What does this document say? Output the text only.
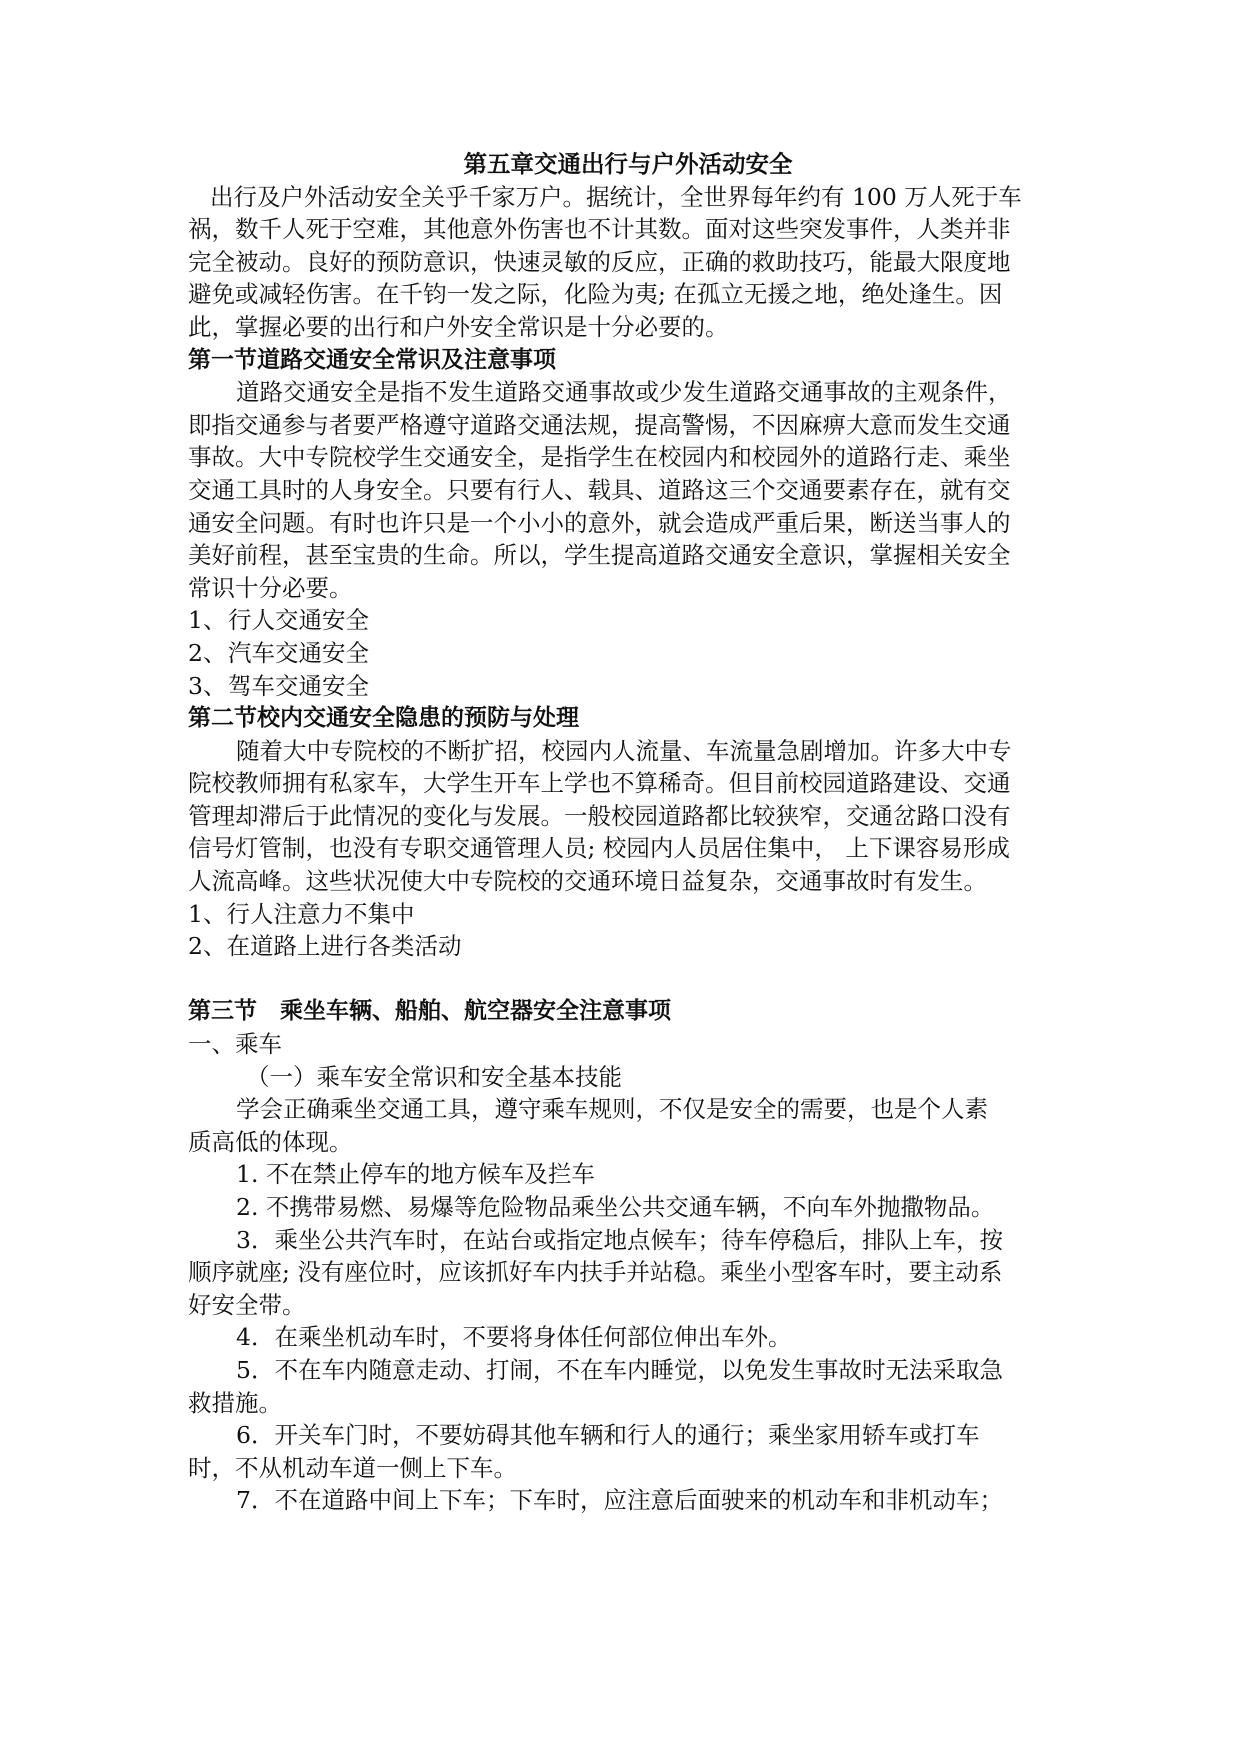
第五章交通出行与户外活动安全
出行及户外活动安全关乎千家万户。据统计，全世界每年约有 100 万人死于车
祸，数千人死于空难，其他意外伤害也不计其数。面对这些突发事件，人类并非
完全被动。良好的预防意识，快速灵敏的反应，正确的救助技巧，能最大限度地
避免或减轻伤害。在千钧一发之际，化险为夷; 在孤立无援之地，绝处逢生。因
此，掌握必要的出行和户外安全常识是十分必要的。
第一节道路交通安全常识及注意事项
道路交通安全是指不发生道路交通事故或少发生道路交通事故的主观条件，
即指交通参与者要严格遵守道路交通法规，提高警惕，不因麻痹大意而发生交通
事故。大中专院校学生交通安全，是指学生在校园内和校园外的道路行走、乘坐
交通工具时的人身安全。只要有行人、载具、道路这三个交通要素存在，就有交
通安全问题。有时也许只是一个小小的意外，就会造成严重后果，断送当事人的
美好前程，甚至宝贵的生命。所以，学生提高道路交通安全意识，掌握相关安全
常识十分必要。
1、行人交通安全
2、汽车交通安全
3、驾车交通安全
第二节校内交通安全隐患的预防与处理
随着大中专院校的不断扩招，校园内人流量、车流量急剧增加。许多大中专
院校教师拥有私家车，大学生开车上学也不算稀奇。但目前校园道路建设、交通
管理却滞后于此情况的变化与发展。一般校园道路都比较狭窄，交通岔路口没有
信号灯管制，也没有专职交通管理人员; 校园内人员居住集中， 上下课容易形成
人流高峰。这些状况使大中专院校的交通环境日益复杂，交通事故时有发生。
1、行人注意力不集中
2、在道路上进行各类活动
第三节　乘坐车辆、船舶、航空器安全注意事项
一、乘车
（一）乘车安全常识和安全基本技能
学会正确乘坐交通工具，遵守乘车规则，不仅是安全的需要，也是个人素
质高低的体现。
1. 不在禁止停车的地方候车及拦车
2. 不携带易燃、易爆等危险物品乘坐公共交通车辆，不向车外抛撒物品。
3．乘坐公共汽车时，在站台或指定地点候车；待车停稳后，排队上车，按
顺序就座; 没有座位时，应该抓好车内扶手并站稳。乘坐小型客车时，要主动系
好安全带。
4．在乘坐机动车时，不要将身体任何部位伸出车外。
5．不在车内随意走动、打闹，不在车内睡觉，以免发生事故时无法采取急
救措施。
6．开关车门时，不要妨碍其他车辆和行人的通行；乘坐家用轿车或打车
时，不从机动车道一侧上下车。
7．不在道路中间上下车；下车时，应注意后面驶来的机动车和非机动车；
